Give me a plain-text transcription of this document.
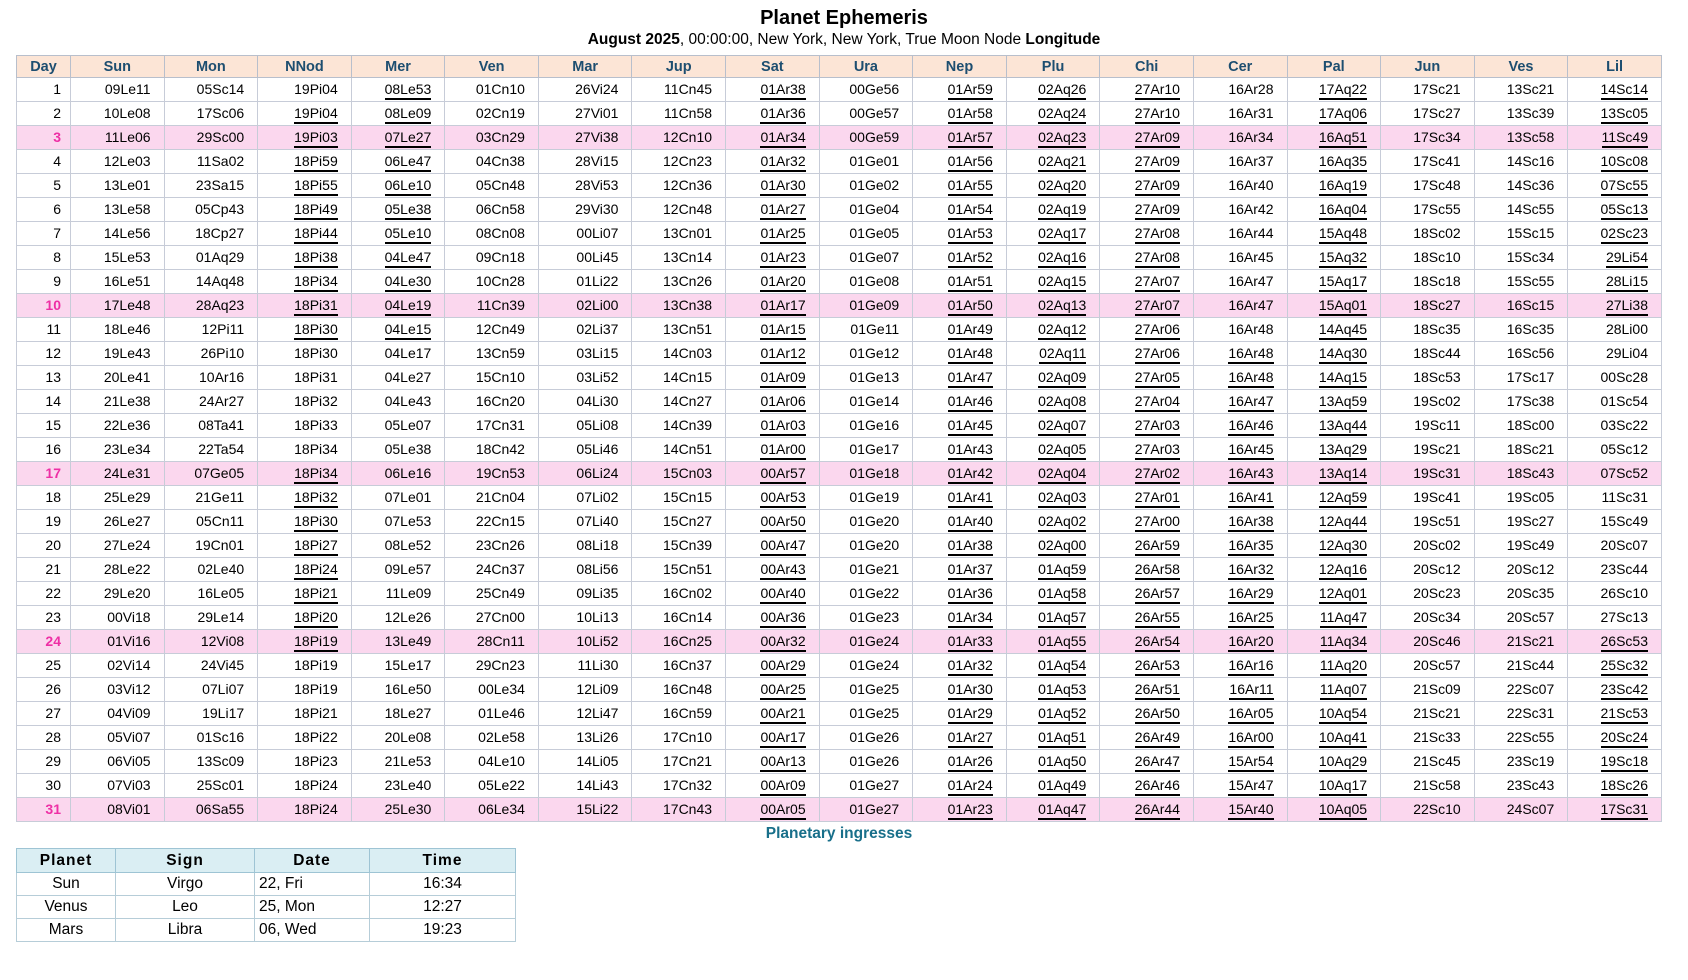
Planet Ephemeris
August 2025, 00:00:00, New York, New York, True Moon Node Longitude
Day	Sun	Mon	NNod	Mer	Ven	Mar	Jup	Sat	Ura	Nep	Plu	Chi	Cer	Pal	Jun	Ves	Lil
1	09Le11	05Sc14	19Pi04	08Le53	01Cn10	26Vi24	11Cn45	01Ar38	00Ge56	01Ar59	02Aq26	27Ar10	16Ar28	17Aq22	17Sc21	13Sc21	14Sc14
2	10Le08	17Sc06	19Pi04	08Le09	02Cn19	27Vi01	11Cn58	01Ar36	00Ge57	01Ar58	02Aq24	27Ar10	16Ar31	17Aq06	17Sc27	13Sc39	13Sc05
3	11Le06	29Sc00	19Pi03	07Le27	03Cn29	27Vi38	12Cn10	01Ar34	00Ge59	01Ar57	02Aq23	27Ar09	16Ar34	16Aq51	17Sc34	13Sc58	11Sc49
4	12Le03	11Sa02	18Pi59	06Le47	04Cn38	28Vi15	12Cn23	01Ar32	01Ge01	01Ar56	02Aq21	27Ar09	16Ar37	16Aq35	17Sc41	14Sc16	10Sc08
5	13Le01	23Sa15	18Pi55	06Le10	05Cn48	28Vi53	12Cn36	01Ar30	01Ge02	01Ar55	02Aq20	27Ar09	16Ar40	16Aq19	17Sc48	14Sc36	07Sc55
6	13Le58	05Cp43	18Pi49	05Le38	06Cn58	29Vi30	12Cn48	01Ar27	01Ge04	01Ar54	02Aq19	27Ar09	16Ar42	16Aq04	17Sc55	14Sc55	05Sc13
7	14Le56	18Cp27	18Pi44	05Le10	08Cn08	00Li07	13Cn01	01Ar25	01Ge05	01Ar53	02Aq17	27Ar08	16Ar44	15Aq48	18Sc02	15Sc15	02Sc23
8	15Le53	01Aq29	18Pi38	04Le47	09Cn18	00Li45	13Cn14	01Ar23	01Ge07	01Ar52	02Aq16	27Ar08	16Ar45	15Aq32	18Sc10	15Sc34	29Li54
9	16Le51	14Aq48	18Pi34	04Le30	10Cn28	01Li22	13Cn26	01Ar20	01Ge08	01Ar51	02Aq15	27Ar07	16Ar47	15Aq17	18Sc18	15Sc55	28Li15
10	17Le48	28Aq23	18Pi31	04Le19	11Cn39	02Li00	13Cn38	01Ar17	01Ge09	01Ar50	02Aq13	27Ar07	16Ar47	15Aq01	18Sc27	16Sc15	27Li38
11	18Le46	12Pi11	18Pi30	04Le15	12Cn49	02Li37	13Cn51	01Ar15	01Ge11	01Ar49	02Aq12	27Ar06	16Ar48	14Aq45	18Sc35	16Sc35	28Li00
12	19Le43	26Pi10	18Pi30	04Le17	13Cn59	03Li15	14Cn03	01Ar12	01Ge12	01Ar48	02Aq11	27Ar06	16Ar48	14Aq30	18Sc44	16Sc56	29Li04
13	20Le41	10Ar16	18Pi31	04Le27	15Cn10	03Li52	14Cn15	01Ar09	01Ge13	01Ar47	02Aq09	27Ar05	16Ar48	14Aq15	18Sc53	17Sc17	00Sc28
14	21Le38	24Ar27	18Pi32	04Le43	16Cn20	04Li30	14Cn27	01Ar06	01Ge14	01Ar46	02Aq08	27Ar04	16Ar47	13Aq59	19Sc02	17Sc38	01Sc54
15	22Le36	08Ta41	18Pi33	05Le07	17Cn31	05Li08	14Cn39	01Ar03	01Ge16	01Ar45	02Aq07	27Ar03	16Ar46	13Aq44	19Sc11	18Sc00	03Sc22
16	23Le34	22Ta54	18Pi34	05Le38	18Cn42	05Li46	14Cn51	01Ar00	01Ge17	01Ar43	02Aq05	27Ar03	16Ar45	13Aq29	19Sc21	18Sc21	05Sc12
17	24Le31	07Ge05	18Pi34	06Le16	19Cn53	06Li24	15Cn03	00Ar57	01Ge18	01Ar42	02Aq04	27Ar02	16Ar43	13Aq14	19Sc31	18Sc43	07Sc52
18	25Le29	21Ge11	18Pi32	07Le01	21Cn04	07Li02	15Cn15	00Ar53	01Ge19	01Ar41	02Aq03	27Ar01	16Ar41	12Aq59	19Sc41	19Sc05	11Sc31
19	26Le27	05Cn11	18Pi30	07Le53	22Cn15	07Li40	15Cn27	00Ar50	01Ge20	01Ar40	02Aq02	27Ar00	16Ar38	12Aq44	19Sc51	19Sc27	15Sc49
20	27Le24	19Cn01	18Pi27	08Le52	23Cn26	08Li18	15Cn39	00Ar47	01Ge20	01Ar38	02Aq00	26Ar59	16Ar35	12Aq30	20Sc02	19Sc49	20Sc07
21	28Le22	02Le40	18Pi24	09Le57	24Cn37	08Li56	15Cn51	00Ar43	01Ge21	01Ar37	01Aq59	26Ar58	16Ar32	12Aq16	20Sc12	20Sc12	23Sc44
22	29Le20	16Le05	18Pi21	11Le09	25Cn49	09Li35	16Cn02	00Ar40	01Ge22	01Ar36	01Aq58	26Ar57	16Ar29	12Aq01	20Sc23	20Sc35	26Sc10
23	00Vi18	29Le14	18Pi20	12Le26	27Cn00	10Li13	16Cn14	00Ar36	01Ge23	01Ar34	01Aq57	26Ar55	16Ar25	11Aq47	20Sc34	20Sc57	27Sc13
24	01Vi16	12Vi08	18Pi19	13Le49	28Cn11	10Li52	16Cn25	00Ar32	01Ge24	01Ar33	01Aq55	26Ar54	16Ar20	11Aq34	20Sc46	21Sc21	26Sc53
25	02Vi14	24Vi45	18Pi19	15Le17	29Cn23	11Li30	16Cn37	00Ar29	01Ge24	01Ar32	01Aq54	26Ar53	16Ar16	11Aq20	20Sc57	21Sc44	25Sc32
26	03Vi12	07Li07	18Pi19	16Le50	00Le34	12Li09	16Cn48	00Ar25	01Ge25	01Ar30	01Aq53	26Ar51	16Ar11	11Aq07	21Sc09	22Sc07	23Sc42
27	04Vi09	19Li17	18Pi21	18Le27	01Le46	12Li47	16Cn59	00Ar21	01Ge25	01Ar29	01Aq52	26Ar50	16Ar05	10Aq54	21Sc21	22Sc31	21Sc53
28	05Vi07	01Sc16	18Pi22	20Le08	02Le58	13Li26	17Cn10	00Ar17	01Ge26	01Ar27	01Aq51	26Ar49	16Ar00	10Aq41	21Sc33	22Sc55	20Sc24
29	06Vi05	13Sc09	18Pi23	21Le53	04Le10	14Li05	17Cn21	00Ar13	01Ge26	01Ar26	01Aq50	26Ar47	15Ar54	10Aq29	21Sc45	23Sc19	19Sc18
30	07Vi03	25Sc01	18Pi24	23Le40	05Le22	14Li43	17Cn32	00Ar09	01Ge27	01Ar24	01Aq49	26Ar46	15Ar47	10Aq17	21Sc58	23Sc43	18Sc26
31	08Vi01	06Sa55	18Pi24	25Le30	06Le34	15Li22	17Cn43	00Ar05	01Ge27	01Ar23	01Aq47	26Ar44	15Ar40	10Aq05	22Sc10	24Sc07	17Sc31
Planetary ingresses
Planet	Sign	Date	Time
Sun	Virgo	22, Fri	16:34
Venus	Leo	25, Mon	12:27
Mars	Libra	06, Wed	19:23
